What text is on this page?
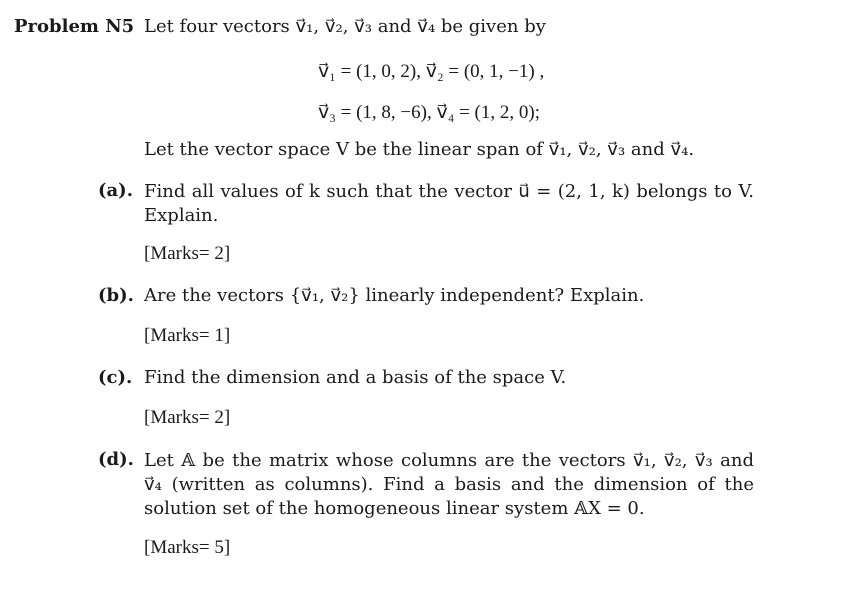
Problem N5 Let four vectors v⃗₁, v⃗₂, v⃗₃ and v⃗₄ be given by
v⃗₁ = (1, 0, 2), v⃗₂ = (0, 1, −1) ,
v⃗₃ = (1, 8, −6), v⃗₄ = (1, 2, 0);
Let the vector space V be the linear span of v⃗₁, v⃗₂, v⃗₃ and v⃗₄.
(a). Find all values of k such that the vector u⃗ = (2, 1, k) belongs to V. Explain.
[Marks= 2]
(b). Are the vectors {v⃗₁, v⃗₂} linearly independent? Explain.
[Marks= 1]
(c). Find the dimension and a basis of the space V.
[Marks= 2]
(d). Let 𝔸 be the matrix whose columns are the vectors v⃗₁, v⃗₂, v⃗₃ and v⃗₄ (written as columns). Find a basis and the dimension of the solution set of the homogeneous linear system 𝔸X = 0.
[Marks= 5]
